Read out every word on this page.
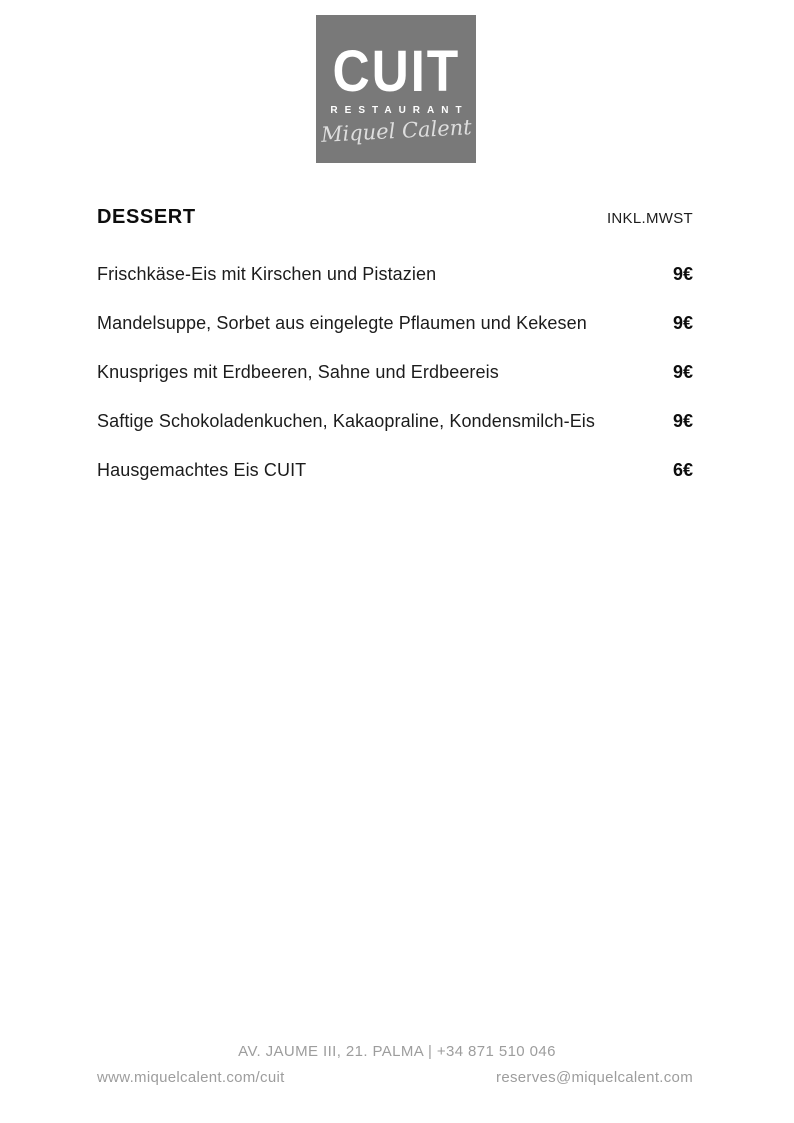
CUIT
RESTAURANT
Miquel Calent
DESSERT	INKL.MWST
Frischkäse-Eis mit Kirschen und Pistazien	9€
Mandelsuppe, Sorbet aus eingelegte Pflaumen und Kekesen	9€
Knuspriges mit Erdbeeren, Sahne und Erdbeereis	9€
Saftige Schokoladenkuchen, Kakaopraline, Kondensmilch-Eis	9€
Hausgemachtes Eis CUIT	6€
AV. JAUME III, 21. PALMA | +34 871 510 046
www.miquelcalent.com/cuit	reserves@miquelcalent.com
